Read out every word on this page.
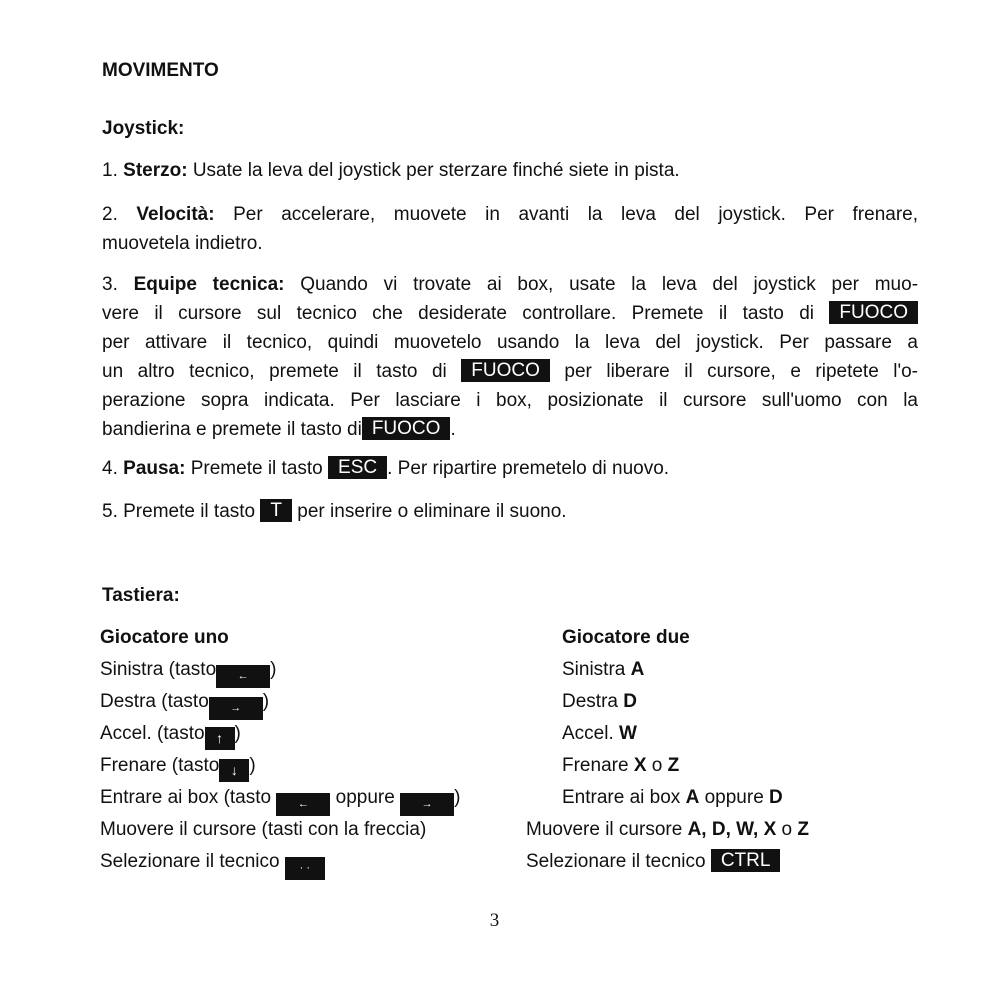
MOVIMENTO
Joystick:
1. Sterzo: Usate la leva del joystick per sterzare finché siete in pista.
2. Velocità: Per accelerare, muovete in avanti la leva del joystick. Per frenare,
muovetela indietro.
3. Equipe tecnica: Quando vi trovate ai box, usate la leva del joystick per muo-
vere il cursore sul tecnico che desiderate controllare. Premete il tasto di FUOCO
per attivare il tecnico, quindi muovetelo usando la leva del joystick. Per passare a
un altro tecnico, premete il tasto di FUOCO per liberare il cursore, e ripetete l'o-
perazione sopra indicata. Per lasciare i box, posizionate il cursore sull'uomo con la
bandierina e premete il tasto di FUOCO .
4. Pausa: Premete il tasto ESC . Per ripartire premetelo di nuovo.
5. Premete il tasto T per inserire o eliminare il suono.
Tastiera:
Giocatore uno
Sinistra (tasto ← )
Destra (tasto → )
Accel. (tasto ↑ )
Frenare (tasto ↓ )
Entrare ai box (tasto ← oppure → )
Muovere il cursore (tasti con la freccia)
Selezionare il tecnico · ·
Giocatore due
Sinistra A
Destra D
Accel. W
Frenare X o Z
Entrare ai box A oppure D
Muovere il cursore A, D, W, X o Z
Selezionare il tecnico CTRL
3
